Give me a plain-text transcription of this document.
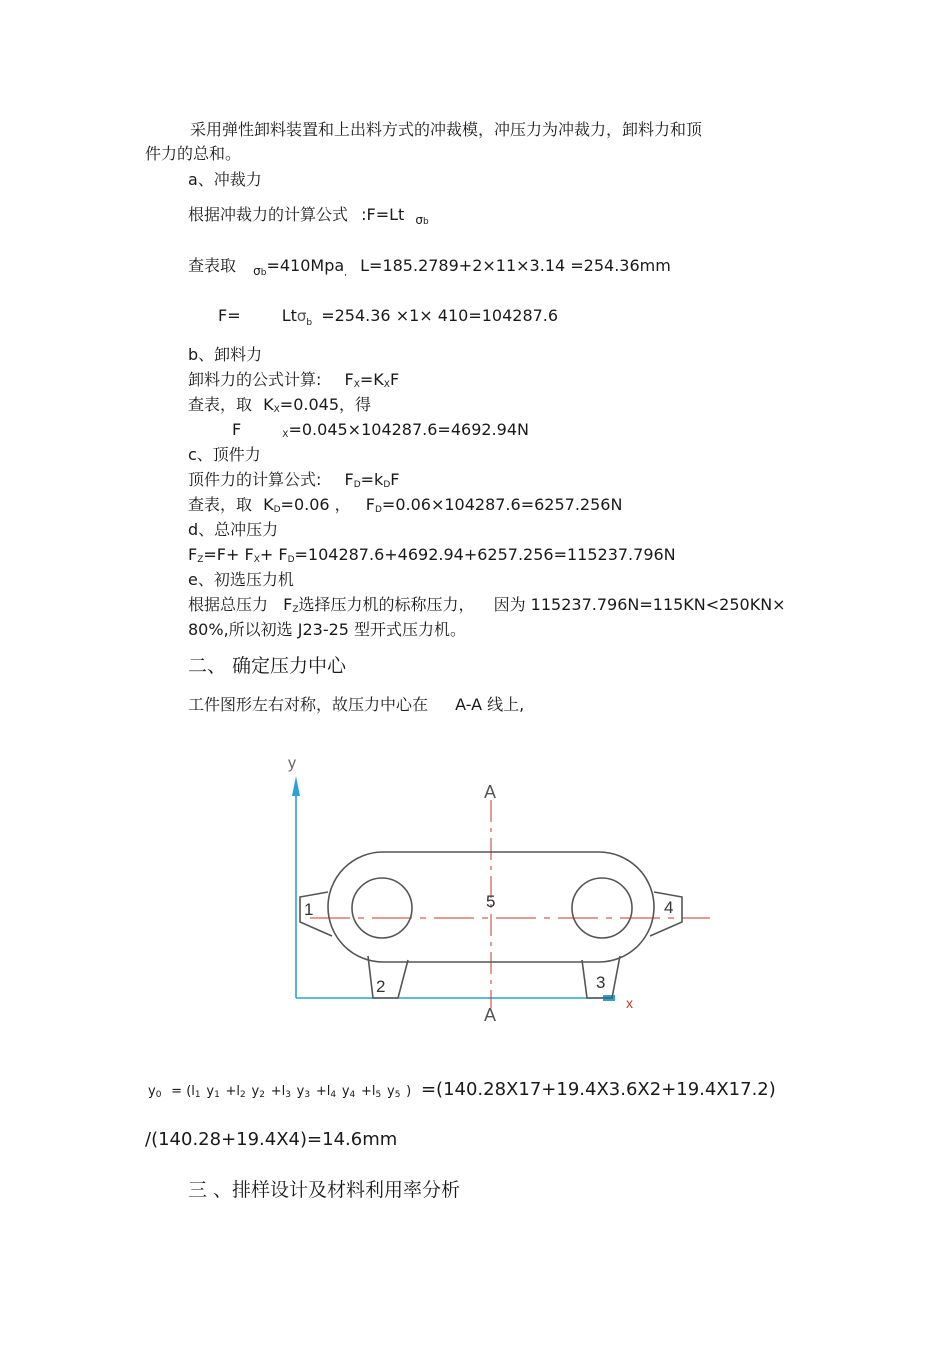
采用弹性卸料装置和上出料方式的冲裁模，冲压力为冲裁力，卸料力和顶
件力的总和。
a、冲裁力
根据冲裁力的计算公式 :F=Lt $_{\sigma b}$
查表取 $_{\sigma b}$=410Mpa$_,$ L=185.2789+2×11×3.14 =254.36mm
F=	Ltσ$_b$ =254.36 ×1× 410=104287.6
b、卸料力
卸料力的公式计算: FX=KXF
查表，取 KX=0.045，得
F	X=0.045×104287.6=4692.94N
c、顶件力
顶件力的计算公式: FD=kDF
查表，取 KD=0.06 ， FD=0.06×104287.6=6257.256N
d、总冲压力
FZ=F+ FX+ FD=104287.6+4692.94+6257.256=115237.796N
e、初选压力机
根据总压力 FZ选择压力机的标称压力， 因为 115237.796N=115KN<250KN×
80%,所以初选 J23-25 型开式压力机。
二、 确定压力中心
工件图形左右对称，故压力中心在 A-A 线上,
y
x
A
A
1
2	3
4
5
y0 = (l1 y1 +l2 y2 +l3 y3 +l4 y4 +l5 y5 ) =(140.28X17+19.4X3.6X2+19.4X17.2)
/(140.28+19.4X4)=14.6mm
三 、排样设计及材料利用率分析
